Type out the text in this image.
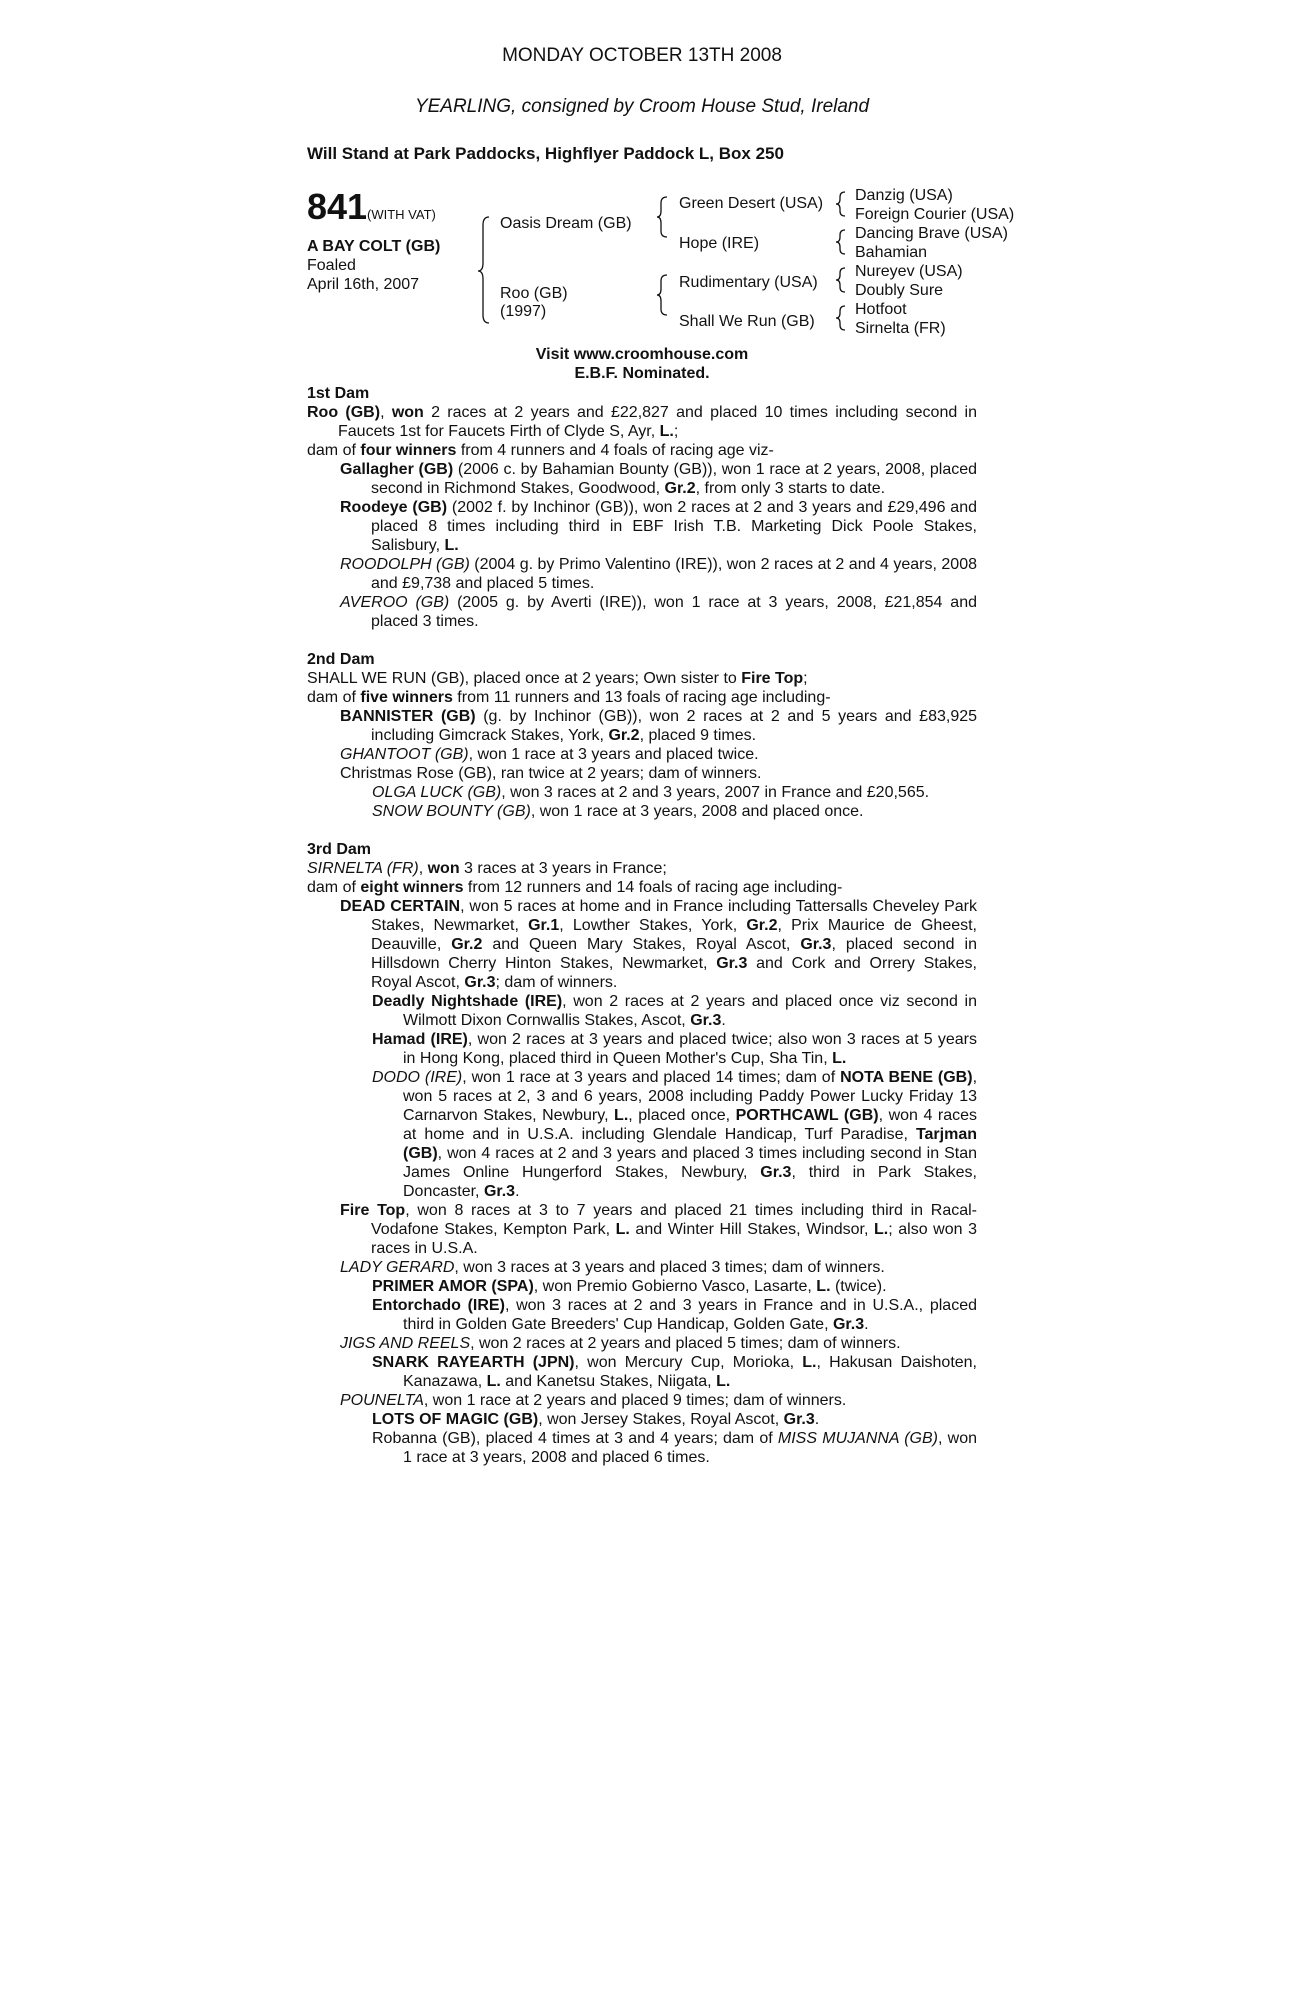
MONDAY OCTOBER 13TH 2008
YEARLING, consigned by Croom House Stud, Ireland
Will Stand at Park Paddocks, Highflyer Paddock L, Box 250
841 (WITH VAT)
A BAY COLT (GB)
Foaled
April 16th, 2007
Oasis Dream (GB)
Roo (GB)
(1997)
Green Desert (USA)
Hope (IRE)
Rudimentary (USA)
Shall We Run (GB)
Danzig (USA)
Foreign Courier (USA)
Dancing Brave (USA)
Bahamian
Nureyev (USA)
Doubly Sure
Hotfoot
Sirnelta (FR)
Visit www.croomhouse.com
E.B.F. Nominated.

1st Dam

Roo (GB), won 2 races at 2 years and £22,827 and placed 10 times including second in Faucets 1st for Faucets Firth of Clyde S, Ayr, L.;

dam of four winners from 4 runners and 4 foals of racing age viz-

Gallagher (GB) (2006 c. by Bahamian Bounty (GB)), won 1 race at 2 years, 2008, placed second in Richmond Stakes, Goodwood, Gr.2, from only 3 starts to date.

Roodeye (GB) (2002 f. by Inchinor (GB)), won 2 races at 2 and 3 years and £29,496 and placed 8 times including third in EBF Irish T.B. Marketing Dick Poole Stakes, Salisbury, L.

ROODOLPH (GB) (2004 g. by Primo Valentino (IRE)), won 2 races at 2 and 4 years, 2008 and £9,738 and placed 5 times.

AVEROO (GB) (2005 g. by Averti (IRE)), won 1 race at 3 years, 2008, £21,854 and placed 3 times.

2nd Dam

SHALL WE RUN (GB), placed once at 2 years; Own sister to Fire Top;

dam of five winners from 11 runners and 13 foals of racing age including-

BANNISTER (GB) (g. by Inchinor (GB)), won 2 races at 2 and 5 years and £83,925 including Gimcrack Stakes, York, Gr.2, placed 9 times.

GHANTOOT (GB), won 1 race at 3 years and placed twice.

Christmas Rose (GB), ran twice at 2 years; dam of winners.

OLGA LUCK (GB), won 3 races at 2 and 3 years, 2007 in France and £20,565.

SNOW BOUNTY (GB), won 1 race at 3 years, 2008 and placed once.

3rd Dam

SIRNELTA (FR), won 3 races at 3 years in France;

dam of eight winners from 12 runners and 14 foals of racing age including-

DEAD CERTAIN, won 5 races at home and in France including Tattersalls Cheveley Park Stakes, Newmarket, Gr.1, Lowther Stakes, York, Gr.2, Prix Maurice de Gheest, Deauville, Gr.2 and Queen Mary Stakes, Royal Ascot, Gr.3, placed second in Hillsdown Cherry Hinton Stakes, Newmarket, Gr.3 and Cork and Orrery Stakes, Royal Ascot, Gr.3; dam of winners.

Deadly Nightshade (IRE), won 2 races at 2 years and placed once viz second in Wilmott Dixon Cornwallis Stakes, Ascot, Gr.3.

Hamad (IRE), won 2 races at 3 years and placed twice; also won 3 races at 5 years in Hong Kong, placed third in Queen Mother's Cup, Sha Tin, L.

DODO (IRE), won 1 race at 3 years and placed 14 times; dam of NOTA BENE (GB), won 5 races at 2, 3 and 6 years, 2008 including Paddy Power Lucky Friday 13 Carnarvon Stakes, Newbury, L., placed once, PORTHCAWL (GB), won 4 races at home and in U.S.A. including Glendale Handicap, Turf Paradise, Tarjman (GB), won 4 races at 2 and 3 years and placed 3 times including second in Stan James Online Hungerford Stakes, Newbury, Gr.3, third in Park Stakes, Doncaster, Gr.3.

Fire Top, won 8 races at 3 to 7 years and placed 21 times including third in Racal-Vodafone Stakes, Kempton Park, L. and Winter Hill Stakes, Windsor, L.; also won 3 races in U.S.A.

LADY GERARD, won 3 races at 3 years and placed 3 times; dam of winners.

PRIMER AMOR (SPA), won Premio Gobierno Vasco, Lasarte, L. (twice).

Entorchado (IRE), won 3 races at 2 and 3 years in France and in U.S.A., placed third in Golden Gate Breeders' Cup Handicap, Golden Gate, Gr.3.

JIGS AND REELS, won 2 races at 2 years and placed 5 times; dam of winners.

SNARK RAYEARTH (JPN), won Mercury Cup, Morioka, L., Hakusan Daishoten, Kanazawa, L. and Kanetsu Stakes, Niigata, L.

POUNELTA, won 1 race at 2 years and placed 9 times; dam of winners.

LOTS OF MAGIC (GB), won Jersey Stakes, Royal Ascot, Gr.3.

Robanna (GB), placed 4 times at 3 and 4 years; dam of MISS MUJANNA (GB), won 1 race at 3 years, 2008 and placed 6 times.
